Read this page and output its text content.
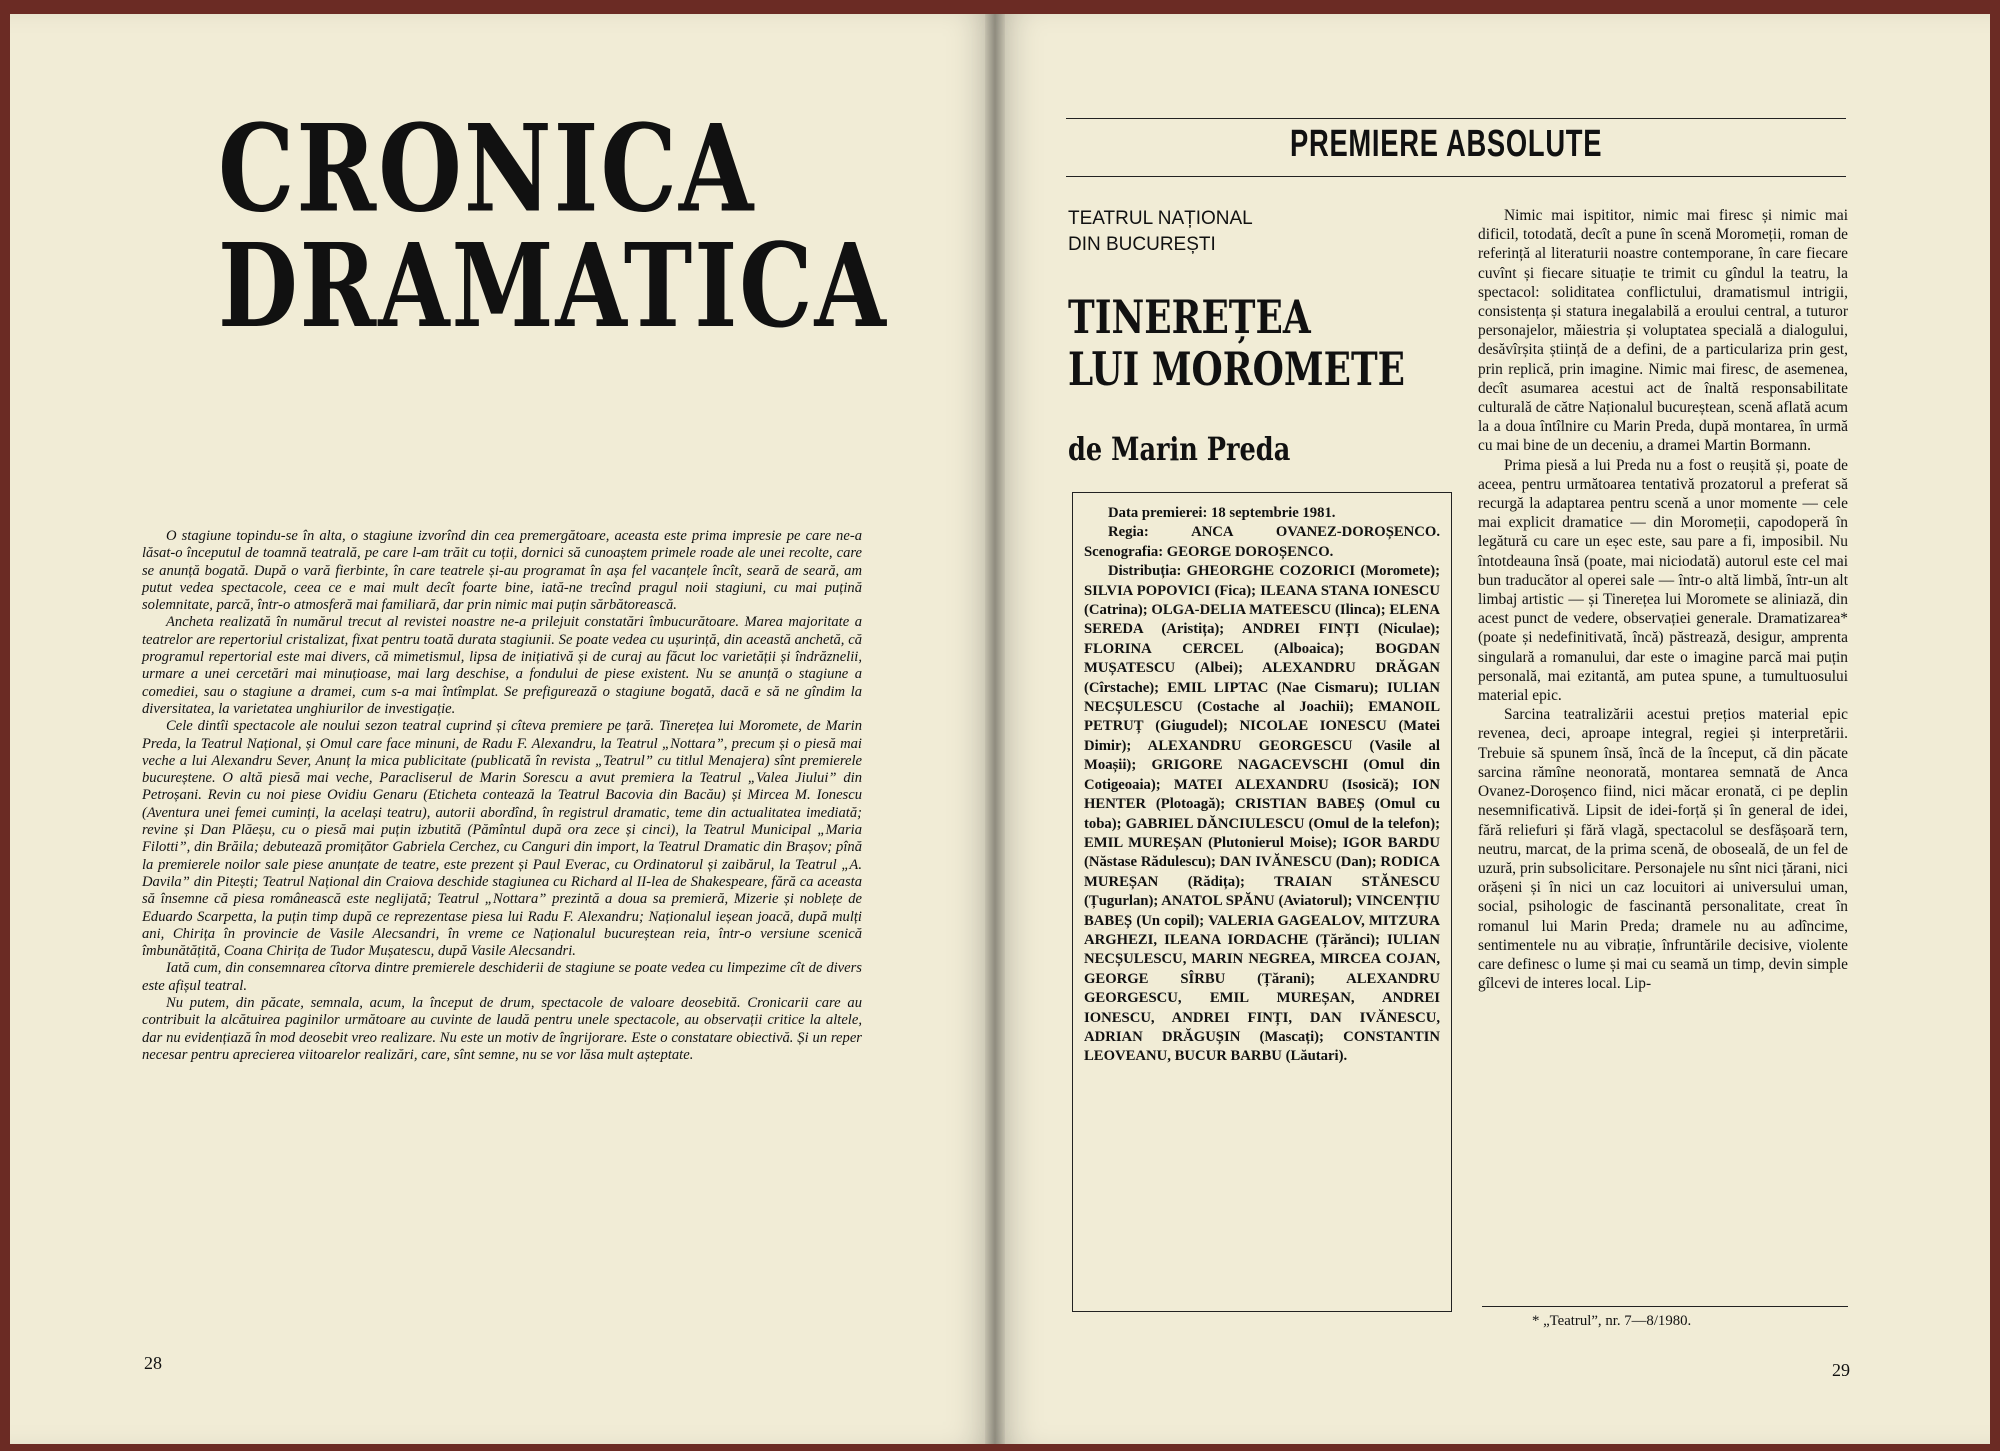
CRONICA
DRAMATICA

O stagiune topindu-se în alta, o stagiune izvorînd din cea premergătoare, aceasta este prima impresie pe care ne-a lăsat-o începutul de toamnă teatrală, pe care l-am trăit cu toții, dornici să cunoaștem primele roade ale unei recolte, care se anunță bogată. După o vară fierbinte, în care teatrele și-au programat în așa fel vacanțele încît, seară de seară, am putut vedea spectacole, ceea ce e mai mult decît foarte bine, iată-ne trecînd pragul noii stagiuni, cu mai puțină solemnitate, parcă, într-o atmosferă mai familiară, dar prin nimic mai puțin sărbătorească.

Ancheta realizată în numărul trecut al revistei noastre ne-a prilejuit constatări îmbucurătoare. Marea majoritate a teatrelor are repertoriul cristalizat, fixat pentru toată durata stagiunii. Se poate vedea cu ușurință, din această anchetă, că programul repertorial este mai divers, că mimetismul, lipsa de inițiativă și de curaj au făcut loc varietății și îndrăznelii, urmare a unei cercetări mai minuțioase, mai larg deschise, a fondului de piese existent. Nu se anunță o stagiune a comediei, sau o stagiune a dramei, cum s-a mai întîmplat. Se prefigurează o stagiune bogată, dacă e să ne gîndim la diversitatea, la varietatea unghiurilor de investigație.

Cele dintîi spectacole ale noului sezon teatral cuprind și cîteva premiere pe țară. Tinerețea lui Moromete, de Marin Preda, la Teatrul Național, și Omul care face minuni, de Radu F. Alexandru, la Teatrul „Nottara”, precum și o piesă mai veche a lui Alexandru Sever, Anunț la mica publicitate (publicată în revista „Teatrul” cu titlul Menajera) sînt premierele bucureștene. O altă piesă mai veche, Paracliserul de Marin Sorescu a avut premiera la Teatrul „Valea Jiului” din Petroșani. Revin cu noi piese Ovidiu Genaru (Eticheta contează la Teatrul Bacovia din Bacău) și Mircea M. Ionescu (Aventura unei femei cuminți, la același teatru), autorii abordînd, în registrul dramatic, teme din actualitatea imediată; revine și Dan Plăeșu, cu o piesă mai puțin izbutită (Pămîntul după ora zece și cinci), la Teatrul Municipal „Maria Filotti”, din Brăila; debutează promițător Gabriela Cerchez, cu Canguri din import, la Teatrul Dramatic din Brașov; pînă la premierele noilor sale piese anunțate de teatre, este prezent și Paul Everac, cu Ordinatorul și zaibărul, la Teatrul „A. Davila” din Pitești; Teatrul Național din Craiova deschide stagiunea cu Richard al II-lea de Shakespeare, fără ca aceasta să însemne că piesa românească este neglijată; Teatrul „Nottara” prezintă a doua sa premieră, Mizerie și noblețe de Eduardo Scarpetta, la puțin timp după ce reprezentase piesa lui Radu F. Alexandru; Naționalul ieșean joacă, după mulți ani, Chirița în provincie de Vasile Alecsandri, în vreme ce Naționalul bucureștean reia, într-o versiune scenică îmbunătățită, Coana Chirița de Tudor Mușatescu, după Vasile Alecsandri.

Iată cum, din consemnarea cîtorva dintre premierele deschiderii de stagiune se poate vedea cu limpezime cît de divers este afișul teatral.

Nu putem, din păcate, semnala, acum, la început de drum, spectacole de valoare deosebită. Cronicarii care au contribuit la alcătuirea paginilor următoare au cuvinte de laudă pentru unele spectacole, au observații critice la altele, dar nu evidențiază în mod deosebit vreo realizare. Nu este un motiv de îngrijorare. Este o constatare obiectivă. Și un reper necesar pentru aprecierea viitoarelor realizări, care, sînt semne, nu se vor lăsa mult așteptate.

28
PREMIERE ABSOLUTE
TEATRUL NAȚIONAL
DIN BUCUREȘTI
TINEREȚEA
LUI MOROMETE
de Marin Preda

Data premierei: 18 septembrie 1981.

Regia: ANCA OVANEZ-DOROȘENCO. Scenografia: GEORGE DOROȘENCO.

Distribuția: GHEORGHE COZORICI (Moromete); SILVIA POPOVICI (Fica); ILEANA STANA IONESCU (Catrina); OLGA-DELIA MATEESCU (Ilinca); ELENA SEREDA (Aristița); ANDREI FINȚI (Niculae); FLORINA CERCEL (Alboaica); BOGDAN MUȘATESCU (Albei); ALEXANDRU DRĂGAN (Cîrstache); EMIL LIPTAC (Nae Cismaru); IULIAN NECȘULESCU (Costache al Joachii); EMANOIL PETRUȚ (Giugudel); NICOLAE IONESCU (Matei Dimir); ALEXANDRU GEORGESCU (Vasile al Moașii); GRIGORE NAGACEVSCHI (Omul din Cotigeoaia); MATEI ALEXANDRU (Isosică); ION HENTER (Plotoagă); CRISTIAN BABEȘ (Omul cu toba); GABRIEL DĂNCIULESCU (Omul de la telefon); EMIL MUREȘAN (Plutonierul Moise); IGOR BARDU (Năstase Rădulescu); DAN IVĂNESCU (Dan); RODICA MUREȘAN (Rădița); TRAIAN STĂNESCU (Țugurlan); ANATOL SPĂNU (Aviatorul); VINCENȚIU BABEȘ (Un copil); VALERIA GAGEALOV, MITZURA ARGHEZI, ILEANA IORDACHE (Țărănci); IULIAN NECȘULESCU, MARIN NEGREA, MIRCEA COJAN, GEORGE SÎRBU (Țărani); ALEXANDRU GEORGESCU, EMIL MUREȘAN, ANDREI IONESCU, ANDREI FINȚI, DAN IVĂNESCU, ADRIAN DRĂGUȘIN (Mascați); CONSTANTIN LEOVEANU, BUCUR BARBU (Lăutari).

Nimic mai ispititor, nimic mai firesc și nimic mai dificil, totodată, decît a pune în scenă Moromeții, roman de referință al literaturii noastre contemporane, în care fiecare cuvînt și fiecare situație te trimit cu gîndul la teatru, la spectacol: soliditatea conflictului, dramatismul intrigii, consistența și statura inegalabilă a eroului central, a tuturor personajelor, măiestria și voluptatea specială a dialogului, desăvîrșita știință de a defini, de a particulariza prin gest, prin replică, prin imagine. Nimic mai firesc, de asemenea, decît asumarea acestui act de înaltă responsabilitate culturală de către Naționalul bucureștean, scenă aflată acum la a doua întîlnire cu Marin Preda, după montarea, în urmă cu mai bine de un deceniu, a dramei Martin Bormann.

Prima piesă a lui Preda nu a fost o reușită și, poate de aceea, pentru următoarea tentativă prozatorul a preferat să recurgă la adaptarea pentru scenă a unor momente — cele mai explicit dramatice — din Moromeții, capodoperă în legătură cu care un eșec este, sau pare a fi, imposibil. Nu întotdeauna însă (poate, mai niciodată) autorul este cel mai bun traducător al operei sale — într-o altă limbă, într-un alt limbaj artistic — și Tinerețea lui Moromete se aliniază, din acest punct de vedere, observației generale. Dramatizarea* (poate și nedefinitivată, încă) păstrează, desigur, amprenta singulară a romanului, dar este o imagine parcă mai puțin personală, mai ezitantă, am putea spune, a tumultuosului material epic.

Sarcina teatralizării acestui prețios material epic revenea, deci, aproape integral, regiei și interpretării. Trebuie să spunem însă, încă de la început, că din păcate sarcina rămîne neonorată, montarea semnată de Anca Ovanez-Doroșenco fiind, nici măcar eronată, ci pe deplin nesemnificativă. Lipsit de idei-forță și în general de idei, fără reliefuri și fără vlagă, spectacolul se desfășoară tern, neutru, marcat, de la prima scenă, de oboseală, de un fel de uzură, prin subsolicitare. Personajele nu sînt nici țărani, nici orășeni și în nici un caz locuitori ai universului uman, social, psihologic de fascinantă personalitate, creat în romanul lui Marin Preda; dramele nu au adîncime, sentimentele nu au vibrație, înfruntările decisive, violente care definesc o lume și mai cu seamă un timp, devin simple gîlcevi de interes local. Lip-

* „Teatrul”, nr. 7—8/1980.
29
